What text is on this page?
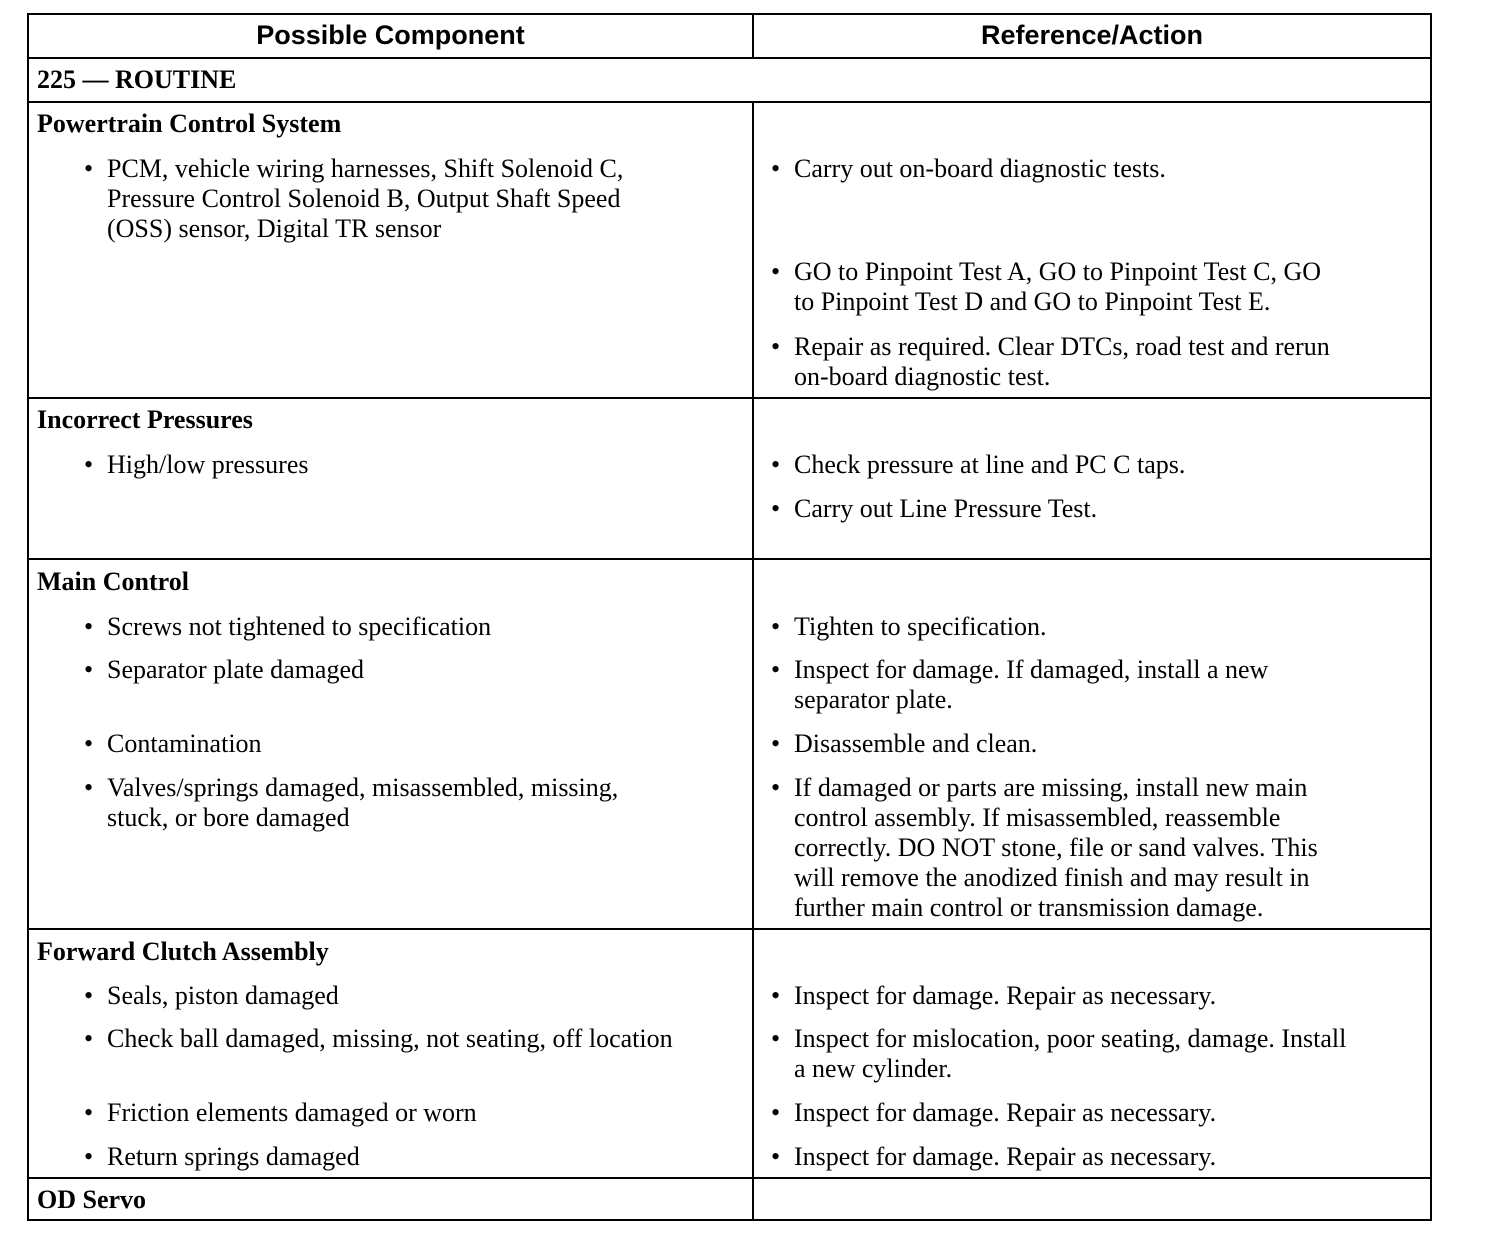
Possible Component	Reference/Action
225 — ROUTINE
Powertrain Control System
• PCM, vehicle wiring harnesses, Shift Solenoid C,
Pressure Control Solenoid B, Output Shaft Speed
(OSS) sensor, Digital TR sensor
• Carry out on-board diagnostic tests.
• GO to Pinpoint Test A, GO to Pinpoint Test C, GO
to Pinpoint Test D and GO to Pinpoint Test E.
• Repair as required. Clear DTCs, road test and rerun
on-board diagnostic test.
Incorrect Pressures
• High/low pressures	• Check pressure at line and PC C taps.
• Carry out Line Pressure Test.
Main Control
• Screws not tightened to specification
• Separator plate damaged
• Contamination
• Valves/springs damaged, misassembled, missing,
stuck, or bore damaged
• Tighten to specification.
• Inspect for damage. If damaged, install a new
separator plate.
• Disassemble and clean.
• If damaged or parts are missing, install new main
control assembly. If misassembled, reassemble
correctly. DO NOT stone, file or sand valves. This
will remove the anodized finish and may result in
further main control or transmission damage.
Forward Clutch Assembly
• Seals, piston damaged
• Check ball damaged, missing, not seating, off location
• Friction elements damaged or worn
• Return springs damaged
• Inspect for damage. Repair as necessary.
• Inspect for mislocation, poor seating, damage. Install
a new cylinder.
• Inspect for damage. Repair as necessary.
• Inspect for damage. Repair as necessary.
OD Servo
